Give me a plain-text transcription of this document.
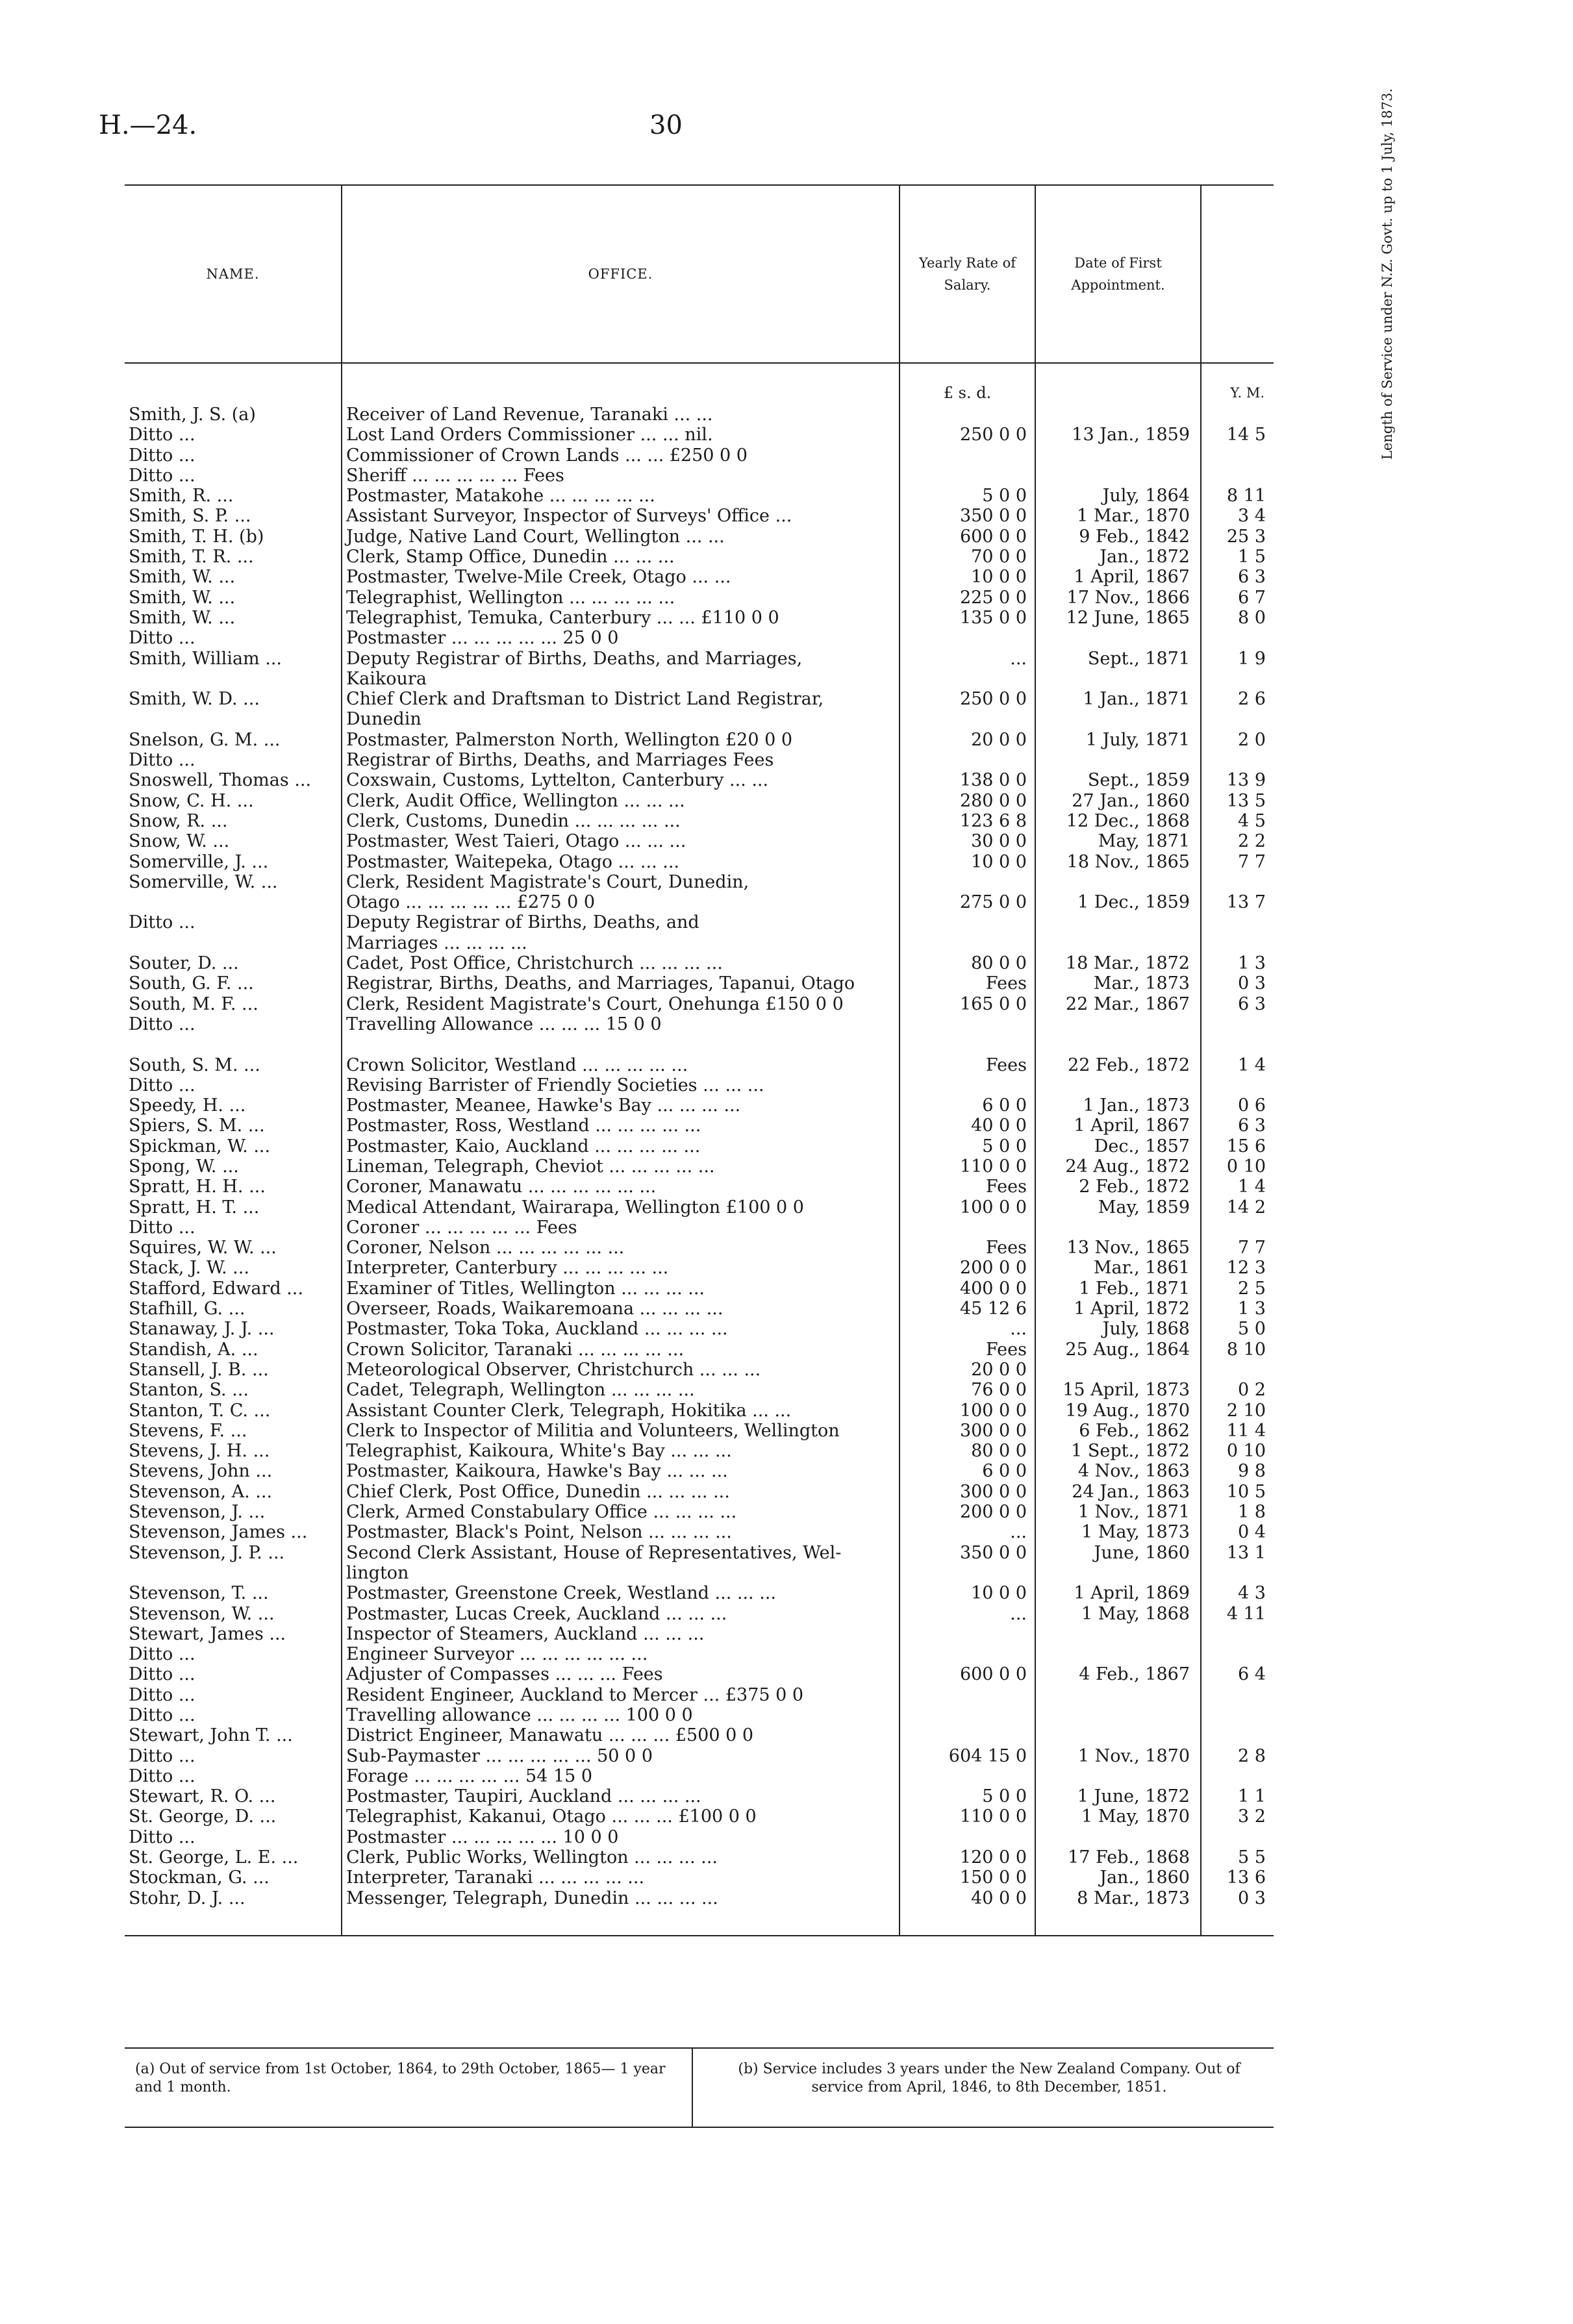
H.—24.	30
NAME.	OFFICE.	Yearly Rate of Salary.	Date of First Appointment.	Length of Service under N.Z. Govt. up to 1 July, 1873.
		£ s. d.		Y. M.
Smith, J. S. (a)	Receiver of Land Revenue, Taranaki ... ...			
Ditto ...	Lost Land Orders Commissioner ... ... nil.	250 0 0	13 Jan., 1859	14 5
Ditto ...	Commissioner of Crown Lands ... ... £250 0 0			
Ditto ...	Sheriff ... ... ... ... ... Fees			
Smith, R. ...	Postmaster, Matakohe ... ... ... ... ...	5 0 0	July, 1864	8 11
Smith, S. P. ...	Assistant Surveyor, Inspector of Surveys' Office ...	350 0 0	1 Mar., 1870	3 4
Smith, T. H. (b)	Judge, Native Land Court, Wellington ... ...	600 0 0	9 Feb., 1842	25 3
Smith, T. R. ...	Clerk, Stamp Office, Dunedin ... ... ...	70 0 0	Jan., 1872	1 5
Smith, W. ...	Postmaster, Twelve-Mile Creek, Otago ... ...	10 0 0	1 April, 1867	6 3
Smith, W. ...	Telegraphist, Wellington ... ... ... ... ...	225 0 0	17 Nov., 1866	6 7
Smith, W. ...	Telegraphist, Temuka, Canterbury ... ... £110 0 0	135 0 0	12 June, 1865	8 0
Ditto ...	Postmaster ... ... ... ... ... 25 0 0			
Smith, William ...	Deputy Registrar of Births, Deaths, and Marriages,	...	Sept., 1871	1 9
	Kaikoura			
Smith, W. D. ...	Chief Clerk and Draftsman to District Land Registrar,	250 0 0	1 Jan., 1871	2 6
	Dunedin			
Snelson, G. M. ...	Postmaster, Palmerston North, Wellington £20 0 0	20 0 0	1 July, 1871	2 0
Ditto ...	Registrar of Births, Deaths, and Marriages Fees			
Snoswell, Thomas ...	Coxswain, Customs, Lyttelton, Canterbury ... ...	138 0 0	Sept., 1859	13 9
Snow, C. H. ...	Clerk, Audit Office, Wellington ... ... ...	280 0 0	27 Jan., 1860	13 5
Snow, R. ...	Clerk, Customs, Dunedin ... ... ... ... ...	123 6 8	12 Dec., 1868	4 5
Snow, W. ...	Postmaster, West Taieri, Otago ... ... ...	30 0 0	May, 1871	2 2
Somerville, J. ...	Postmaster, Waitepeka, Otago ... ... ...	10 0 0	18 Nov., 1865	7 7
Somerville, W. ...	Clerk, Resident Magistrate's Court, Dunedin,			
	Otago ... ... ... ... ... £275 0 0	275 0 0	1 Dec., 1859	13 7
Ditto ...	Deputy Registrar of Births, Deaths, and			
	Marriages ... ... ... ...			
Souter, D. ...	Cadet, Post Office, Christchurch ... ... ... ...	80 0 0	18 Mar., 1872	1 3
South, G. F. ...	Registrar, Births, Deaths, and Marriages, Tapanui, Otago	Fees	Mar., 1873	0 3
South, M. F. ...	Clerk, Resident Magistrate's Court, Onehunga £150 0 0	165 0 0	22 Mar., 1867	6 3
Ditto ...	Travelling Allowance ... ... ... 15 0 0			

South, S. M. ...	Crown Solicitor, Westland ... ... ... ... ...	Fees	22 Feb., 1872	1 4
Ditto ...	Revising Barrister of Friendly Societies ... ... ...			
Speedy, H. ...	Postmaster, Meanee, Hawke's Bay ... ... ... ...	6 0 0	1 Jan., 1873	0 6
Spiers, S. M. ...	Postmaster, Ross, Westland ... ... ... ... ...	40 0 0	1 April, 1867	6 3
Spickman, W. ...	Postmaster, Kaio, Auckland ... ... ... ... ...	5 0 0	Dec., 1857	15 6
Spong, W. ...	Lineman, Telegraph, Cheviot ... ... ... ... ...	110 0 0	24 Aug., 1872	0 10
Spratt, H. H. ...	Coroner, Manawatu ... ... ... ... ... ...	Fees	2 Feb., 1872	1 4
Spratt, H. T. ...	Medical Attendant, Wairarapa, Wellington £100 0 0	100 0 0	May, 1859	14 2
Ditto ...	Coroner ... ... ... ... ... Fees			
Squires, W. W. ...	Coroner, Nelson ... ... ... ... ... ...	Fees	13 Nov., 1865	7 7
Stack, J. W. ...	Interpreter, Canterbury ... ... ... ... ...	200 0 0	Mar., 1861	12 3
Stafford, Edward ...	Examiner of Titles, Wellington ... ... ... ...	400 0 0	1 Feb., 1871	2 5
Stafhill, G. ...	Overseer, Roads, Waikaremoana ... ... ... ...	45 12 6	1 April, 1872	1 3
Stanaway, J. J. ...	Postmaster, Toka Toka, Auckland ... ... ... ...	...	July, 1868	5 0
Standish, A. ...	Crown Solicitor, Taranaki ... ... ... ... ...	Fees	25 Aug., 1864	8 10
Stansell, J. B. ...	Meteorological Observer, Christchurch ... ... ...	20 0 0		
Stanton, S. ...	Cadet, Telegraph, Wellington ... ... ... ...	76 0 0	15 April, 1873	0 2
Stanton, T. C. ...	Assistant Counter Clerk, Telegraph, Hokitika ... ...	100 0 0	19 Aug., 1870	2 10
Stevens, F. ...	Clerk to Inspector of Militia and Volunteers, Wellington	300 0 0	6 Feb., 1862	11 4
Stevens, J. H. ...	Telegraphist, Kaikoura, White's Bay ... ... ...	80 0 0	1 Sept., 1872	0 10
Stevens, John ...	Postmaster, Kaikoura, Hawke's Bay ... ... ...	6 0 0	4 Nov., 1863	9 8
Stevenson, A. ...	Chief Clerk, Post Office, Dunedin ... ... ... ...	300 0 0	24 Jan., 1863	10 5
Stevenson, J. ...	Clerk, Armed Constabulary Office ... ... ... ...	200 0 0	1 Nov., 1871	1 8
Stevenson, James ...	Postmaster, Black's Point, Nelson ... ... ... ...	...	1 May, 1873	0 4
Stevenson, J. P. ...	Second Clerk Assistant, House of Representatives, Wel-	350 0 0	June, 1860	13 1
	lington			
Stevenson, T. ...	Postmaster, Greenstone Creek, Westland ... ... ...	10 0 0	1 April, 1869	4 3
Stevenson, W. ...	Postmaster, Lucas Creek, Auckland ... ... ...	...	1 May, 1868	4 11
Stewart, James ...	Inspector of Steamers, Auckland ... ... ...			
Ditto ...	Engineer Surveyor ... ... ... ... ... ...			
Ditto ...	Adjuster of Compasses ... ... ... Fees	600 0 0	4 Feb., 1867	6 4
Ditto ...	Resident Engineer, Auckland to Mercer ... £375 0 0			
Ditto ...	Travelling allowance ... ... ... ... 100 0 0			
Stewart, John T. ...	District Engineer, Manawatu ... ... ... £500 0 0			
Ditto ...	Sub-Paymaster ... ... ... ... ... 50 0 0	604 15 0	1 Nov., 1870	2 8
Ditto ...	Forage ... ... ... ... ... 54 15 0			
Stewart, R. O. ...	Postmaster, Taupiri, Auckland ... ... ... ...	5 0 0	1 June, 1872	1 1
St. George, D. ...	Telegraphist, Kakanui, Otago ... ... ... £100 0 0	110 0 0	1 May, 1870	3 2
Ditto ...	Postmaster ... ... ... ... ... 10 0 0			
St. George, L. E. ...	Clerk, Public Works, Wellington ... ... ... ...	120 0 0	17 Feb., 1868	5 5
Stockman, G. ...	Interpreter, Taranaki ... ... ... ... ...	150 0 0	Jan., 1860	13 6
Stohr, D. J. ...	Messenger, Telegraph, Dunedin ... ... ... ...	40 0 0	8 Mar., 1873	0 3

(a) Out of service from 1st October, 1864, to 29th October, 1865— 1 year and 1 month.
(b) Service includes 3 years under the New Zealand Company. Out of service from April, 1846, to 8th December, 1851.
